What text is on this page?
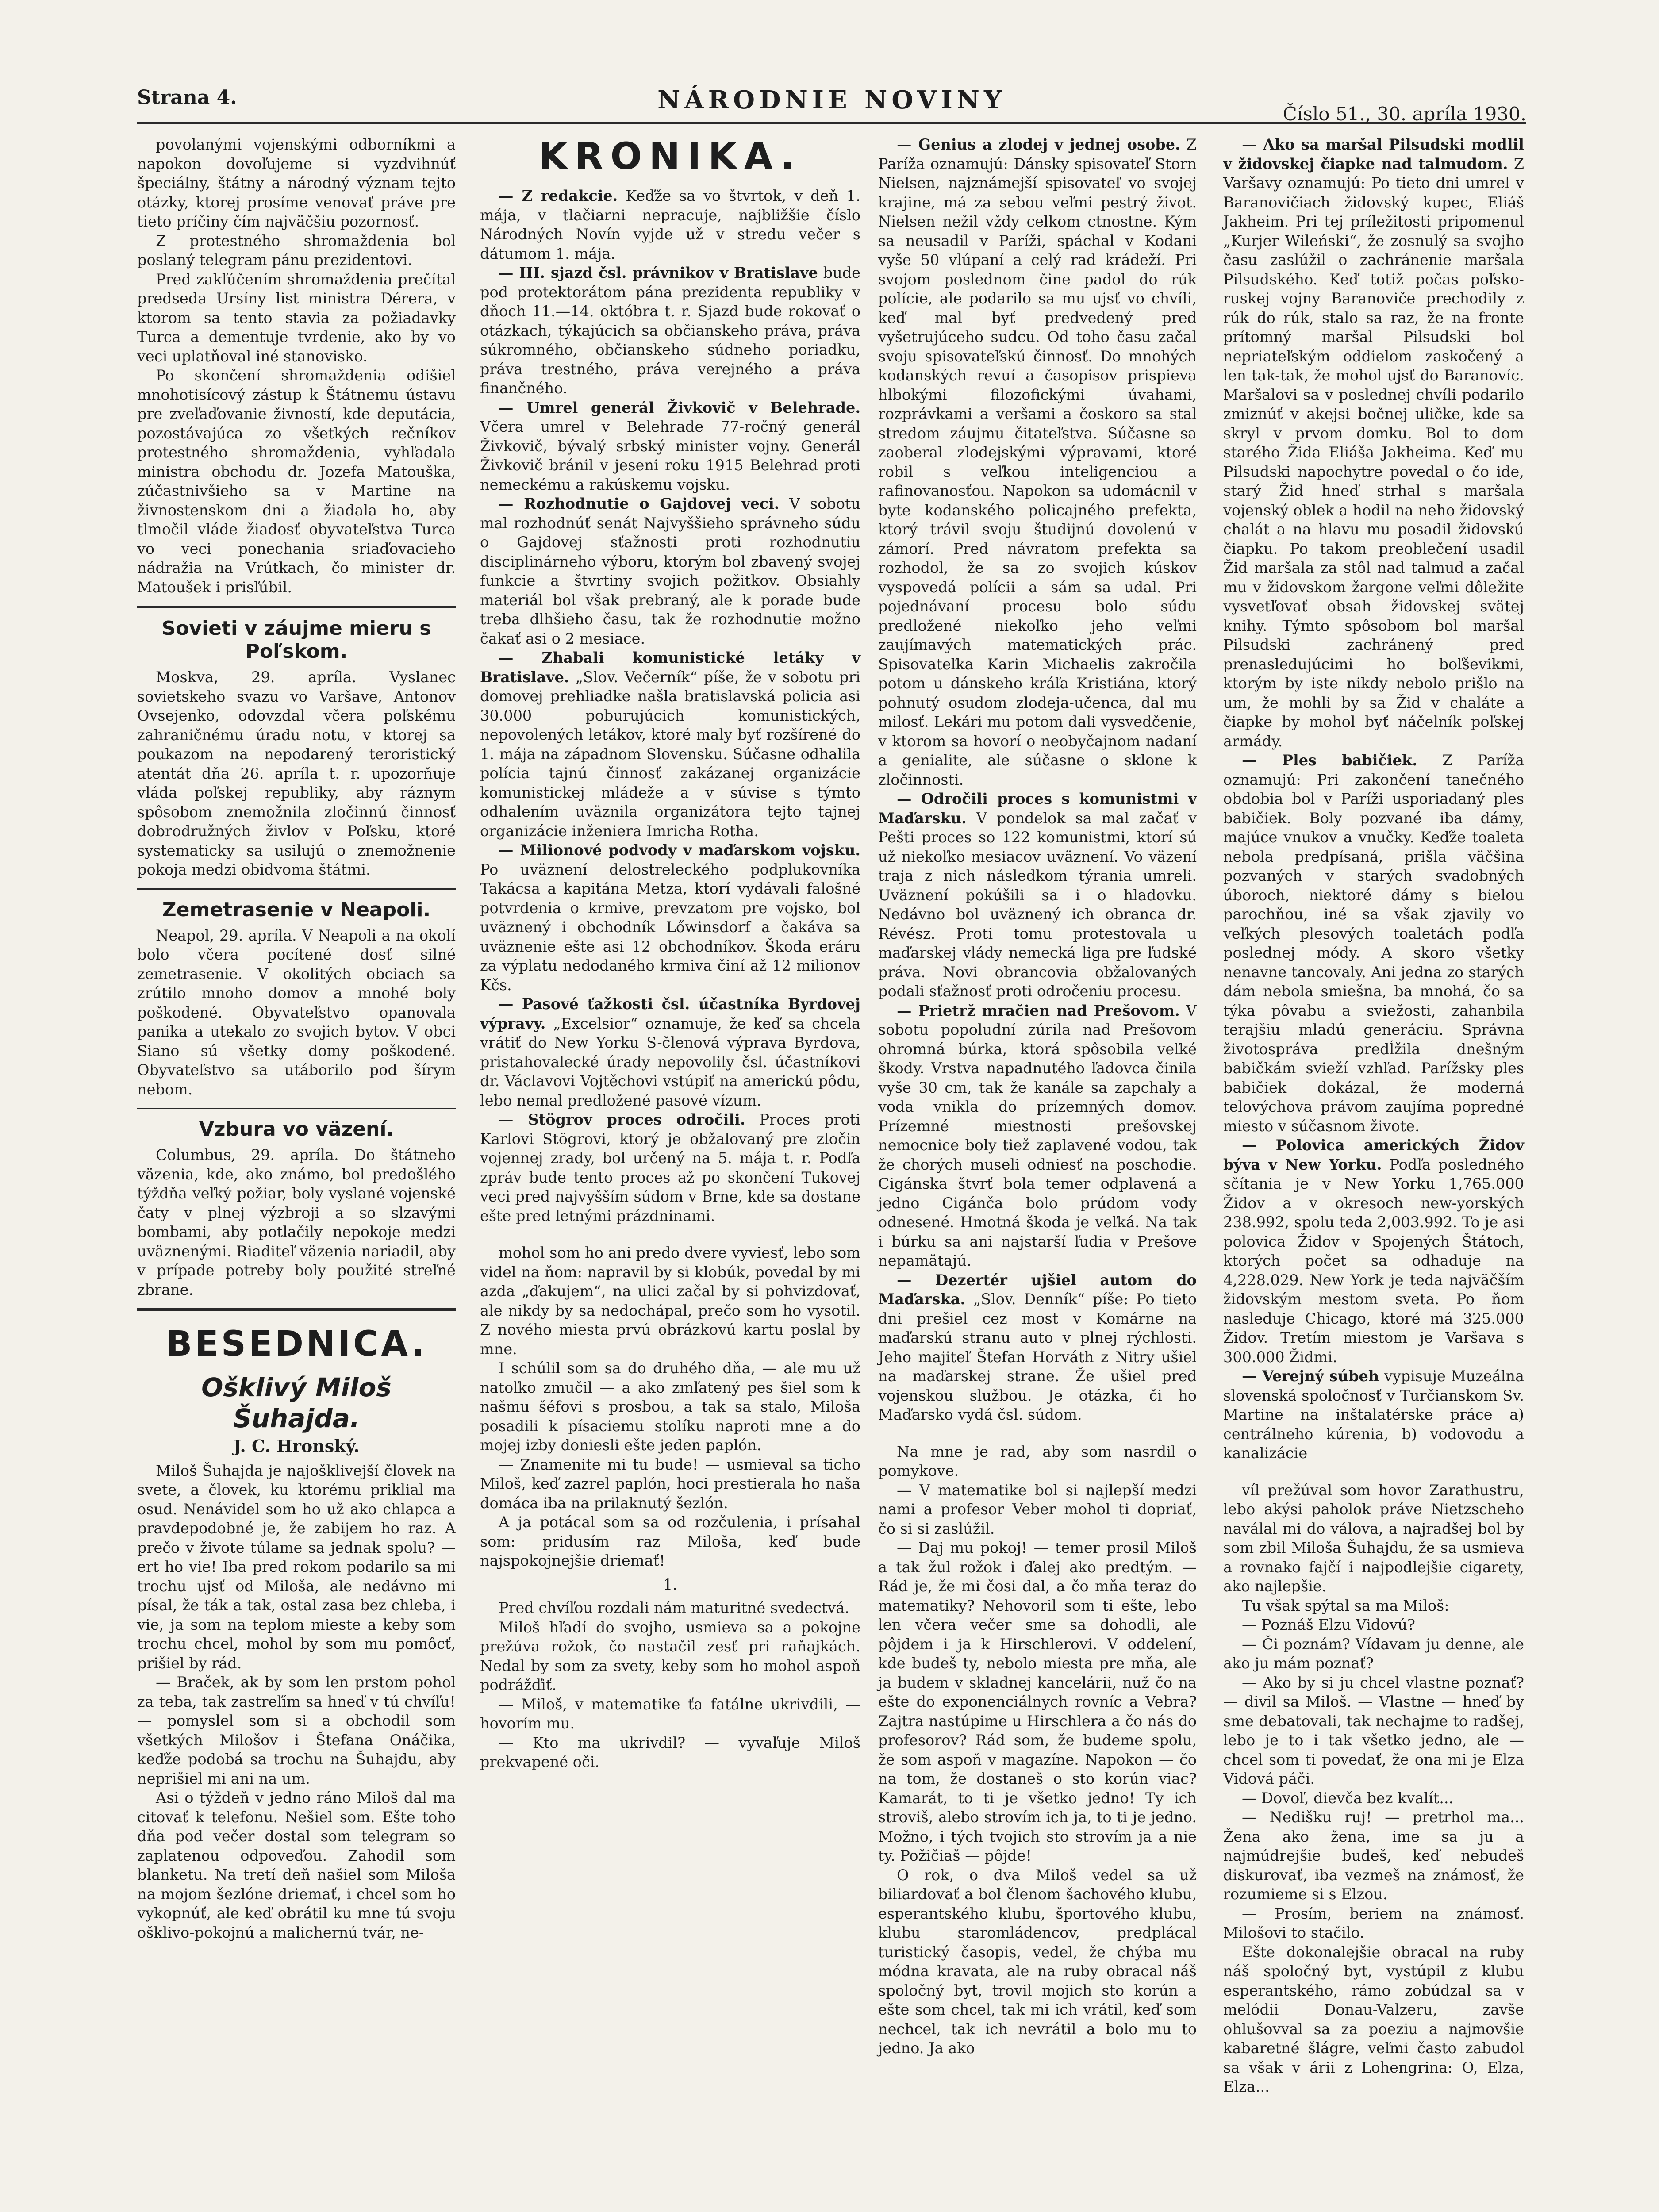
Strana 4.	NÁRODNIE NOVINY	Číslo 51., 30. apríla 1930.

povolanými vojenskými odborníkmi a napokon dovoľujeme si vyzdvihnúť špeciálny, štátny a národný význam tejto otázky, ktorej prosíme venovať práve pre tieto príčiny čím najväčšiu pozornosť.

Z protestného shromaždenia bol poslaný telegram pánu prezidentovi.

Pred zakľúčením shromaždenia prečítal predseda Ursíny list ministra Dérera, v ktorom sa tento stavia za požiadavky Turca a dementuje tvrdenie, ako by vo veci uplatňoval iné stanovisko.

Po skončení shromaždenia odišiel mnohotisícový zástup k Štátnemu ústavu pre zveľaďovanie živností, kde deputácia, pozostávajúca zo všetkých rečníkov protestného shromaždenia, vyhľadala ministra obchodu dr. Jozefa Matouška, zúčastnivšieho sa v Martine na živnostenskom dni a žiadala ho, aby tlmočil vláde žiadosť obyvateľstva Turca vo veci ponechania sriaďovacieho nádražia na Vrútkach, čo minister dr. Matoušek i prisľúbil.

Sovieti v záujme mieru s Poľskom.

Moskva, 29. apríla. Vyslanec sovietskeho svazu vo Varšave, Antonov Ovsejenko, odovzdal včera poľskému zahraničnému úradu notu, v ktorej sa poukazom na nepodarený teroristický atentát dňa 26. apríla t. r. upozorňuje vláda poľskej republiky, aby ráznym spôsobom znemožnila zločinnú činnosť dobrodružných živlov v Poľsku, ktoré systematicky sa usilujú o znemožnenie pokoja medzi obidvoma štátmi.

Zemetrasenie v Neapoli.

Neapol, 29. apríla. V Neapoli a na okolí bolo včera pocítené dosť silné zemetrasenie. V okolitých obciach sa zrútilo mnoho domov a mnohé boly poškodené. Obyvateľstvo opanovala panika a utekalo zo svojich bytov. V obci Siano sú všetky domy poškodené. Obyvateľstvo sa utáborilo pod šírym nebom.

Vzbura vo väzení.

Columbus, 29. apríla. Do štátneho väzenia, kde, ako známo, bol predošlého týždňa veľký požiar, boly vyslané vojenské čaty v plnej výzbroji a so slzavými bombami, aby potlačily nepokoje medzi uväznenými. Riaditeľ väzenia nariadil, aby v prípade potreby boly použité streľné zbrane.

BESEDNICA.
Ošklivý Miloš Šuhajda.
J. C. Hronský.

Miloš Šuhajda je najošklivejší človek na svete, a človek, ku ktorému priklial ma osud. Nenávidel som ho už ako chlapca a pravdepodobné je, že zabijem ho raz. A prečo v živote túlame sa jednak spolu? — ert ho vie! Iba pred rokom podarilo sa mi trochu ujsť od Miloša, ale nedávno mi písal, že ták a tak, ostal zasa bez chleba, i vie, ja som na teplom mieste a keby som trochu chcel, mohol by som mu pomôcť, prišiel by rád.

— Braček, ak by som len prstom pohol za teba, tak zastreľím sa hneď v tú chvíľu! — pomyslel som si a obchodil som všetkých Milošov i Štefana Onáčika, keďže podobá sa trochu na Šuhajdu, aby neprišiel mi ani na um.

Asi o týždeň v jedno ráno Miloš dal ma citovať k telefonu. Nešiel som. Ešte toho dňa pod večer dostal som telegram so zaplatenou odpoveďou. Zahodil som blanketu. Na tretí deň našiel som Miloša na mojom šezlóne driemať, i chcel som ho vykopnúť, ale keď obrátil ku mne tú svoju ošklivo-pokojnú a malichernú tvár, ne-

KRONIKA.

— Z redakcie. Keďže sa vo štvrtok, v deň 1. mája, v tlačiarni nepracuje, najbližšie číslo Národných Novín vyjde už v stredu večer s dátumom 1. mája.

— III. sjazd čsl. právnikov v Bratislave bude pod protektorátom pána prezidenta republiky v dňoch 11.—14. októbra t. r. Sjazd bude rokovať o otázkach, týkajúcich sa občianskeho práva, práva súkromného, občianskeho súdneho poriadku, práva trestného, práva verejného a práva finančného.

— Umrel generál Živkovič v Belehrade. Včera umrel v Belehrade 77-ročný generál Živkovič, bývalý srbský minister vojny. Generál Živkovič bránil v jeseni roku 1915 Belehrad proti nemeckému a rakúskemu vojsku.

— Rozhodnutie o Gajdovej veci. V sobotu mal rozhodnúť senát Najvyššieho správneho súdu o Gajdovej sťažnosti proti rozhodnutiu disciplinárneho výboru, ktorým bol zbavený svojej funkcie a štvrtiny svojich požitkov. Obsiahly materiál bol však prebraný, ale k porade bude treba dlhšieho času, tak že rozhodnutie možno čakať asi o 2 mesiace.

— Zhabali komunistické letáky v Bratislave. „Slov. Večerník“ píše, že v sobotu pri domovej prehliadke našla bratislavská policia asi 30.000 poburujúcich komunistických, nepovolených letákov, ktoré maly byť rozšírené do 1. mája na západnom Slovensku. Súčasne odhalila polícia tajnú činnosť zakázanej organizácie komunistickej mládeže a v súvise s týmto odhalením uväznila organizátora tejto tajnej organizácie inženiera Imricha Rotha.

— Milionové podvody v maďarskom vojsku. Po uväznení delostreleckého podplukovníka Takácsa a kapitána Metza, ktorí vydávali falošné potvrdenia o krmive, prevzatom pre vojsko, bol uväznený i obchodník Lőwinsdorf a čakáva sa uväznenie ešte asi 12 obchodníkov. Škoda eráru za výplatu nedodaného krmiva činí až 12 milionov Kčs.

— Pasové ťažkosti čsl. účastníka Byrdovej výpravy. „Excelsior“ oznamuje, že keď sa chcela vrátiť do New Yorku S-členová výprava Byrdova, pristahovalecké úrady nepovolily čsl. účastníkovi dr. Václavovi Vojtěchovi vstúpiť na americkú pôdu, lebo nemal predložené pasové vízum.

— Stögrov proces odročili. Proces proti Karlovi Stögrovi, ktorý je obžalovaný pre zločin vojennej zrady, bol určený na 5. mája t. r. Podľa zpráv bude tento proces až po skončení Tukovej veci pred najvyšším súdom v Brne, kde sa dostane ešte pred letnými prázdninami.

mohol som ho ani predo dvere vyviesť, lebo som videl na ňom: napravil by si klobúk, povedal by mi azda „ďakujem“, na ulici začal by si pohvizdovať, ale nikdy by sa nedochápal, prečo som ho vysotil. Z nového miesta prvú obrázkovú kartu poslal by mne.

I schúlil som sa do druhého dňa, — ale mu už natoľko zmučil — a ako zmľatený pes šiel som k našmu šéfovi s prosbou, a tak sa stalo, Miloša posadili k písaciemu stolíku naproti mne a do mojej izby doniesli ešte jeden paplón.

— Znamenite mi tu bude! — usmieval sa ticho Miloš, keď zazrel paplón, hoci prestierala ho naša domáca iba na prilaknutý šezlón.

A ja potácal som sa od rozčulenia, i prísahal som: pridusím raz Miloša, keď bude najspokojnejšie driemať!

1.

Pred chvíľou rozdali nám maturitné svedectvá.

Miloš hľadí do svojho, usmieva sa a pokojne prežúva rožok, čo nastačil zesť pri raňajkách. Nedal by som za svety, keby som ho mohol aspoň podrážďiť.

— Miloš, v matematike ťa fatálne ukrivdili, — hovorím mu.

— Kto ma ukrivdil? — vyvaľuje Miloš prekvapené oči.

— Genius a zlodej v jednej osobe. Z Paríža oznamujú: Dánsky spisovateľ Storn Nielsen, najznámejší spisovateľ vo svojej krajine, má za sebou veľmi pestrý život. Nielsen nežil vždy celkom ctnostne. Kým sa neusadil v Paríži, spáchal v Kodani vyše 50 vlúpaní a celý rad krádeží. Pri svojom poslednom čine padol do rúk polície, ale podarilo sa mu ujsť vo chvíli, keď mal byť predvedený pred vyšetrujúceho sudcu. Od toho času začal svoju spisovateľskú činnosť. Do mnohých kodanských revuí a časopisov prispieva hlbokými filozofickými úvahami, rozprávkami a veršami a čoskoro sa stal stredom záujmu čitateľstva. Súčasne sa zaoberal zlodejskými výpravami, ktoré robil s veľkou inteligenciou a rafinovanosťou. Napokon sa udomácnil v byte kodanského policajného prefekta, ktorý trávil svoju študijnú dovolenú v zámorí. Pred návratom prefekta sa rozhodol, že sa zo svojich kúskov vyspovedá polícii a sám sa udal. Pri pojednávaní procesu bolo súdu predložené niekoľko jeho veľmi zaujímavých matematických prác. Spisovateľka Karin Michaelis zakročila potom u dánskeho kráľa Kristiána, ktorý pohnutý osudom zlodeja-učenca, dal mu milosť. Lekári mu potom dali vysvedčenie, v ktorom sa hovorí o neobyčajnom nadaní a genialite, ale súčasne o sklone k zločinnosti.

— Odročili proces s komunistmi v Maďarsku. V pondelok sa mal začať v Pešti proces so 122 komunistmi, ktorí sú už niekoľko mesiacov uväznení. Vo väzení traja z nich následkom týrania umreli. Uväznení pokúšili sa i o hladovku. Nedávno bol uväznený ich obranca dr. Révész. Proti tomu protestovala u maďarskej vlády nemecká liga pre ľudské práva. Novi obrancovia obžalovaných podali sťažnosť proti odročeniu procesu.

— Prietrž mračien nad Prešovom. V sobotu popoludní zúrila nad Prešovom ohromná búrka, ktorá spôsobila veľké škody. Vrstva napadnutého ľadovca činila vyše 30 cm, tak že kanále sa zapchaly a voda vnikla do prízemných domov. Prízemné miestnosti prešovskej nemocnice boly tiež zaplavené vodou, tak že chorých museli odniesť na poschodie. Cigánska štvrť bola temer odplavená a jedno Cigánča bolo prúdom vody odnesené. Hmotná škoda je veľká. Na tak i búrku sa ani najstarší ľudia v Prešove nepamätajú.

— Dezertér ujšiel autom do Maďarska. „Slov. Denník“ píše: Po tieto dni prešiel cez most v Komárne na maďarskú stranu auto v plnej rýchlosti. Jeho majiteľ Štefan Horváth z Nitry ušiel na maďarskej strane. Že ušiel pred vojenskou službou. Je otázka, či ho Maďarsko vydá čsl. súdom.

Na mne je rad, aby som nasrdil o pomykove.

— V matematike bol si najlepší medzi nami a profesor Veber mohol ti dopriať, čo si si zaslúžil.

— Daj mu pokoj! — temer prosil Miloš a tak žul rožok i ďalej ako predtým. — Rád je, že mi čosi dal, a čo mňa teraz do matematiky? Nehovoril som ti ešte, lebo len včera večer sme sa dohodli, ale pôjdem i ja k Hirschlerovi. V oddelení, kde budeš ty, nebolo miesta pre mňa, ale ja budem v skladnej kancelárii, nuž čo na ešte do exponenciálnych rovníc a Vebra? Zajtra nastúpime u Hirschlera a čo nás do profesorov? Rád som, že budeme spolu, že som aspoň v magazíne. Napokon — čo na tom, že dostaneš o sto korún viac? Kamarát, to ti je všetko jedno! Ty ich stroviš, alebo strovím ich ja, to ti je jedno. Možno, i tých tvojich sto strovím ja a nie ty. Požičiaš — pôjde!

O rok, o dva Miloš vedel sa už biliardovať a bol členom šachového klubu, esperantského klubu, športového klubu, klubu staromládencov, predplácal turistický časopis, vedel, že chýba mu módna kravata, ale na ruby obracal náš spoločný byt, trovil mojich sto korún a ešte som chcel, tak mi ich vrátil, keď som nechcel, tak ich nevrátil a bolo mu to jedno. Ja ako

— Ako sa maršal Pilsudski modlil v židovskej čiapke nad talmudom. Z Varšavy oznamujú: Po tieto dni umrel v Baranovičiach židovský kupec, Eliáš Jakheim. Pri tej príležitosti pripomenul „Kurjer Wileński“, že zosnulý sa svojho času zaslúžil o zachránenie maršala Pilsudského. Keď totiž počas poľsko-ruskej vojny Baranoviče prechodily z rúk do rúk, stalo sa raz, že na fronte prítomný maršal Pilsudski bol nepriateľským oddielom zaskočený a len tak-tak, že mohol ujsť do Baranovíc. Maršalovi sa v poslednej chvíli podarilo zmiznúť v akejsi bočnej uličke, kde sa skryl v prvom domku. Bol to dom starého Žida Eliáša Jakheima. Keď mu Pilsudski napochytre povedal o čo ide, starý Žid hneď strhal s maršala vojenský oblek a hodil na neho židovský chalát a na hlavu mu posadil židovskú čiapku. Po takom preoblečení usadil Žid maršala za stôl nad talmud a začal mu v židovskom žargone veľmi dôležite vysvetľovať obsah židovskej svätej knihy. Týmto spôsobom bol maršal Pilsudski zachránený pred prenasledujúcimi ho boľševikmi, ktorým by iste nikdy nebolo prišlo na um, že mohli by sa Žid v chaláte a čiapke by mohol byť náčelník poľskej armády.

— Ples babičiek. Z Paríža oznamujú: Pri zakončení tanečného obdobia bol v Paríži usporiadaný ples babičiek. Boly pozvané iba dámy, majúce vnukov a vnučky. Keďže toaleta nebola predpísaná, prišla väčšina pozvaných v starých svadobných úboroch, niektoré dámy s bielou parochňou, iné sa však zjavily vo veľkých plesových toaletách podľa poslednej módy. A skoro všetky nenavne tancovaly. Ani jedna zo starých dám nebola smiešna, ba mnohá, čo sa týka pôvabu a sviežosti, zahanbila terajšiu mladú generáciu. Správna životospráva predĺžila dnešným babičkám svieží vzhľad. Parížsky ples babičiek dokázal, že moderná telovýchova právom zaujíma popredné miesto v súčasnom živote.

— Polovica amerických Židov býva v New Yorku. Podľa posledného sčítania je v New Yorku 1,765.000 Židov a v okresoch new-yorských 238.992, spolu teda 2,003.992. To je asi polovica Židov v Spojených Štátoch, ktorých počet sa odhaduje na 4,228.029. New York je teda najväčším židovským mestom sveta. Po ňom nasleduje Chicago, ktoré má 325.000 Židov. Tretím miestom je Varšava s 300.000 Židmi.

— Verejný súbeh vypisuje Muzeálna slovenská spoločnosť v Turčianskom Sv. Martine na inštalatérske práce a) centrálneho kúrenia, b) vodovodu a kanalizácie

víl prežúval som hovor Zarathustru, lebo akýsi paholok práve Nietzscheho naválal mi do válova, a najradšej bol by som zbil Miloša Šuhajdu, že sa usmieva a rovnako fajčí i najpodlejšie cigarety, ako najlepšie.

Tu však spýtal sa ma Miloš:

— Poznáš Elzu Vidovú?

— Či poznám? Vídavam ju denne, ale ako ju mám poznať?

— Ako by si ju chcel vlastne poznať? — divil sa Miloš. — Vlastne — hneď by sme debatovali, tak nechajme to radšej, lebo je to i tak všetko jedno, ale — chcel som ti povedať, že ona mi je Elza Vidová páči.

— Dovoľ, dievča bez kvalít...

— Nedišku ruj! — pretrhol ma... Žena ako žena, ime sa ju a najmúdrejšie budeš, keď nebudeš diskurovať, iba vezmeš na známosť, že rozumieme si s Elzou.

— Prosím, beriem na známosť. Milošovi to stačilo.

Ešte dokonalejšie obracal na ruby náš spoločný byt, vystúpil z klubu esperantského, rámo zobúdzal sa v melódii Donau-Valzeru, zavše ohlušovval sa za poeziu a najmovšie kabaretné šlágre, veľmi často zabudol sa však v árii z Lohengrina: O, Elza, Elza...
